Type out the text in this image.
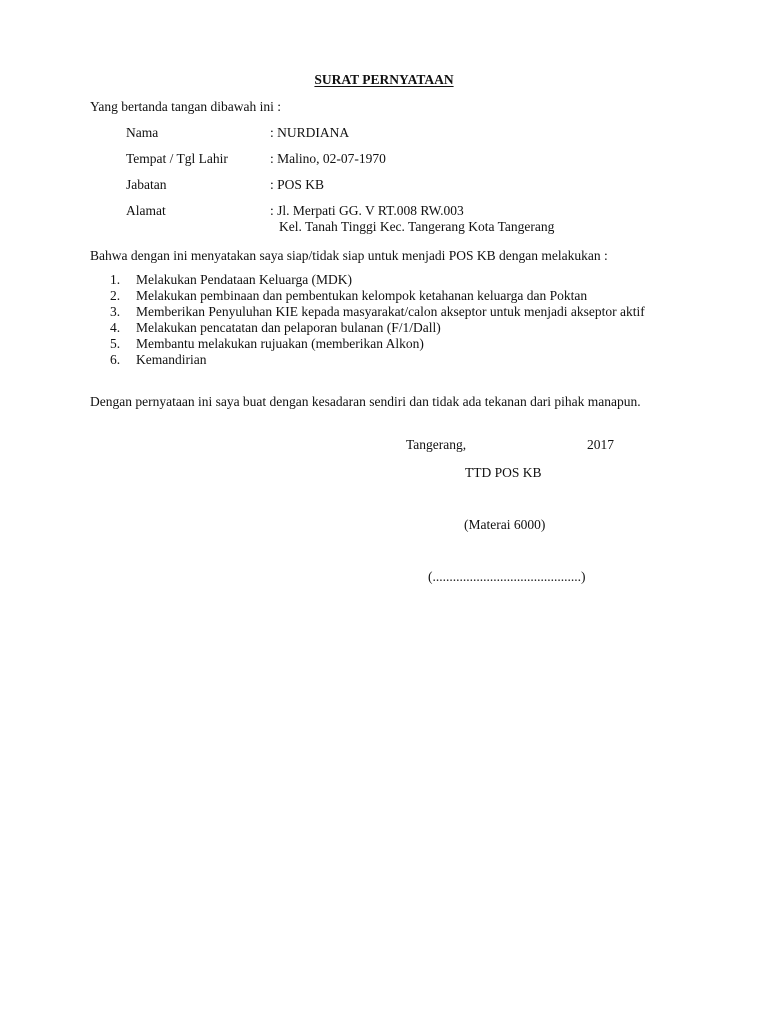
SURAT PERNYATAAN
Yang bertanda tangan dibawah ini :
Nama	: NURDIANA
Tempat / Tgl Lahir	: Malino, 02-07-1970
Jabatan	: POS KB
Alamat	: Jl. Merpati GG. V RT.008 RW.003
Kel. Tanah Tinggi Kec. Tangerang Kota Tangerang
Bahwa dengan ini menyatakan saya siap/tidak siap untuk menjadi POS KB dengan melakukan :
1.	Melakukan Pendataan Keluarga (MDK)
2.	Melakukan pembinaan dan pembentukan kelompok ketahanan keluarga dan Poktan
3.	Memberikan Penyuluhan KIE kepada masyarakat/calon akseptor untuk menjadi akseptor aktif
4.	Melakukan pencatatan dan pelaporan bulanan (F/1/Dall)
5.	Membantu melakukan rujuakan (memberikan Alkon)
6.	Kemandirian
Dengan pernyataan ini saya buat dengan kesadaran sendiri dan tidak ada tekanan dari pihak manapun.
Tangerang,	2017
TTD POS KB
(Materai 6000)
(............................................)
